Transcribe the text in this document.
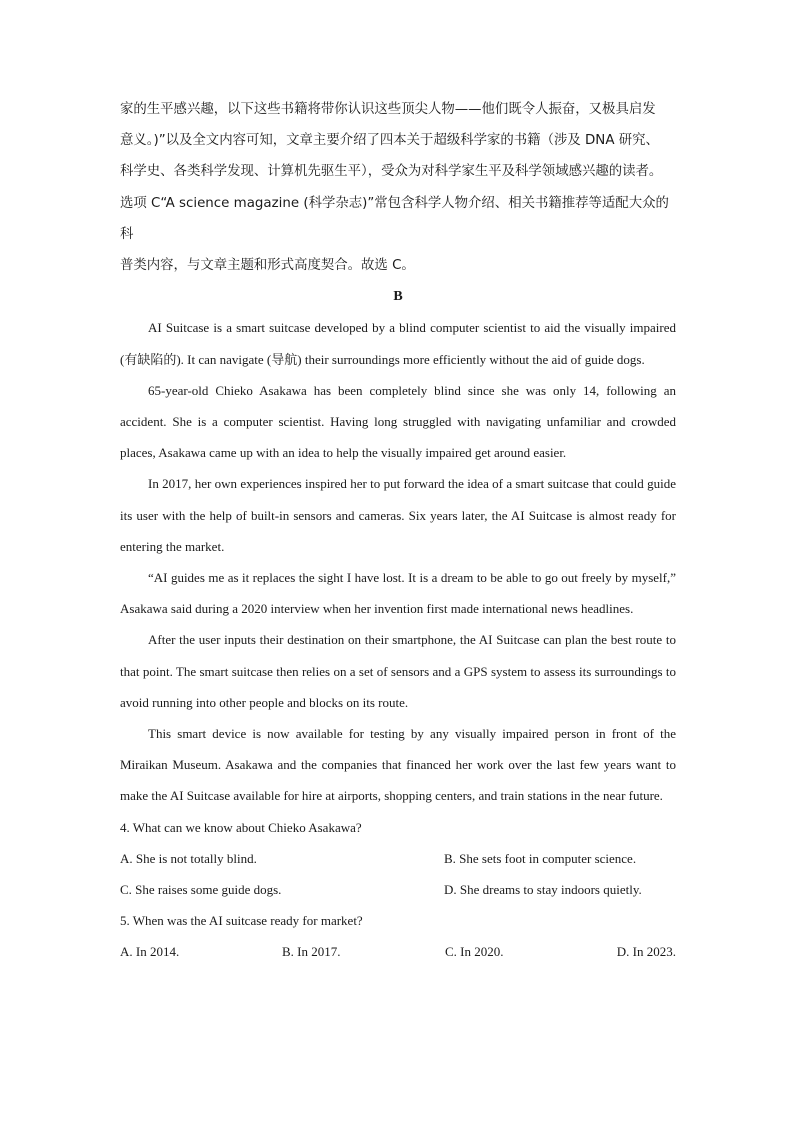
家的生平感兴趣，以下这些书籍将带你认识这些顶尖人物——他们既令人振奋，又极具启发

意义。)”以及全文内容可知，文章主要介绍了四本关于超级科学家的书籍（涉及 DNA 研究、

科学史、各类科学发现、计算机先驱生平），受众为对科学家生平及科学领域感兴趣的读者。

选项 C“A science magazine (科学杂志)”常包含科学人物介绍、相关书籍推荐等适配大众的科

普类内容，与文章主题和形式高度契合。故选 C。

B

AI Suitcase is a smart suitcase developed by a blind computer scientist to aid the visually impaired (有缺陷的). It can navigate (导航) their surroundings more efficiently without the aid of guide dogs.

65-year-old Chieko Asakawa has been completely blind since she was only 14, following an accident. She is a computer scientist. Having long struggled with navigating unfamiliar and crowded places, Asakawa came up with an idea to help the visually impaired get around easier.

In 2017, her own experiences inspired her to put forward the idea of a smart suitcase that could guide its user with the help of built-in sensors and cameras. Six years later, the AI Suitcase is almost ready for entering the market.

“AI guides me as it replaces the sight I have lost. It is a dream to be able to go out freely by myself,” Asakawa said during a 2020 interview when her invention first made international news headlines.

After the user inputs their destination on their smartphone, the AI Suitcase can plan the best route to that point. The smart suitcase then relies on a set of sensors and a GPS system to assess its surroundings to avoid running into other people and blocks on its route.

This smart device is now available for testing by any visually impaired person in front of the Miraikan Museum. Asakawa and the companies that financed her work over the last few years want to make the AI Suitcase available for hire at airports, shopping centers, and train stations in the near future.

4. What can we know about Chieko Asakawa?

A. She is not totally blind.	B. She sets foot in computer science.
C. She raises some guide dogs.	D. She dreams to stay indoors quietly.

5. When was the AI suitcase ready for market?

A. In 2014.	B. In 2017.	C. In 2020.	D. In 2023.
